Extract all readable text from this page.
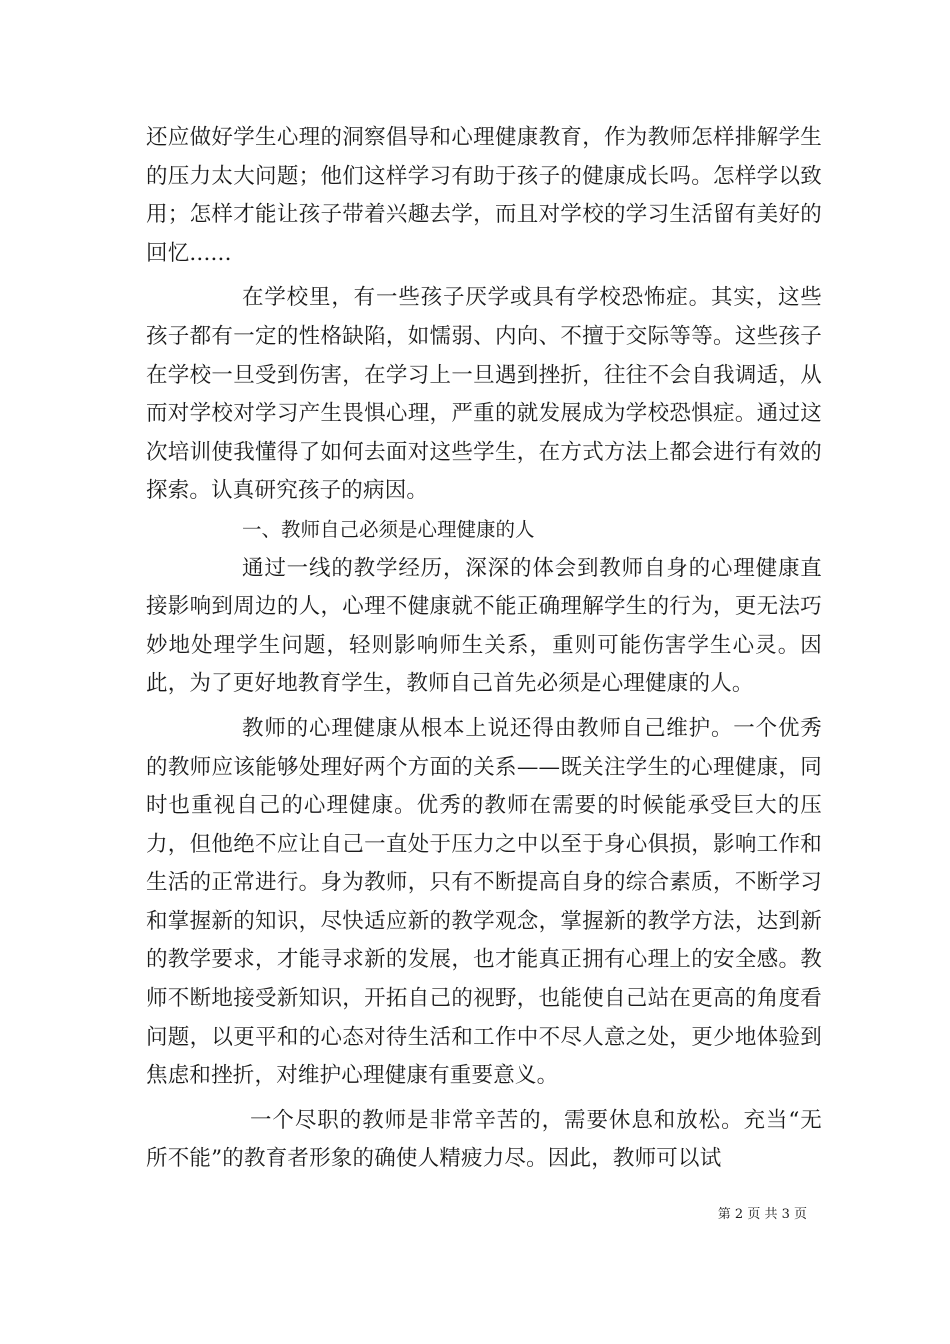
还应做好学生心理的洞察倡导和心理健康教育，作为教师怎样排解学生的压力太大问题；他们这样学习有助于孩子的健康成长吗。怎样学以致用；怎样才能让孩子带着兴趣去学，而且对学校的学习生活留有美好的回忆......

在学校里，有一些孩子厌学或具有学校恐怖症。其实，这些孩子都有一定的性格缺陷，如懦弱、内向、不擅于交际等等。这些孩子在学校一旦受到伤害，在学习上一旦遇到挫折，往往不会自我调适，从而对学校对学习产生畏惧心理，严重的就发展成为学校恐惧症。通过这次培训使我懂得了如何去面对这些学生，在方式方法上都会进行有效的探索。认真研究孩子的病因。

一、教师自己必须是心理健康的人

通过一线的教学经历，深深的体会到教师自身的心理健康直接影响到周边的人，心理不健康就不能正确理解学生的行为，更无法巧妙地处理学生问题，轻则影响师生关系，重则可能伤害学生心灵。因此，为了更好地教育学生，教师自己首先必须是心理健康的人。

教师的心理健康从根本上说还得由教师自己维护。一个优秀的教师应该能够处理好两个方面的关系——既关注学生的心理健康，同时也重视自己的心理健康。优秀的教师在需要的时候能承受巨大的压力，但他绝不应让自己一直处于压力之中以至于身心俱损，影响工作和生活的正常进行。身为教师，只有不断提高自身的综合素质，不断学习和掌握新的知识，尽快适应新的教学观念，掌握新的教学方法，达到新的教学要求，才能寻求新的发展，也才能真正拥有心理上的安全感。教师不断地接受新知识，开拓自己的视野，也能使自己站在更高的角度看问题，以更平和的心态对待生活和工作中不尽人意之处，更少地体验到焦虑和挫折，对维护心理健康有重要意义。

一个尽职的教师是非常辛苦的，需要休息和放松。充当“无所不能”的教育者形象的确使人精疲力尽。因此，教师可以试

第 2 页 共 3 页
